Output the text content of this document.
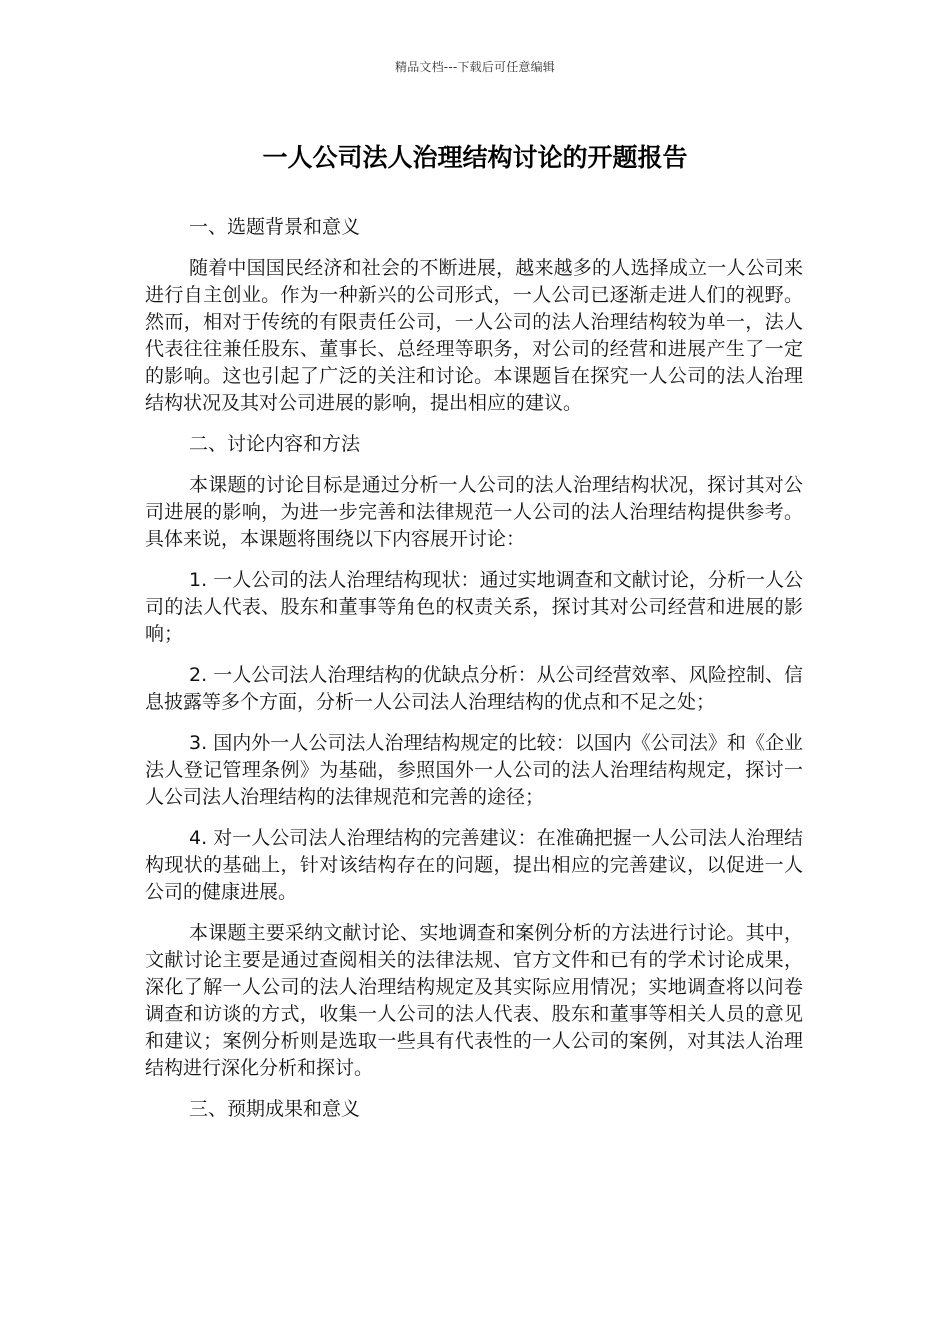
精品文档---下载后可任意编辑
一人公司法人治理结构讨论的开题报告

一、选题背景和意义

随着中国国民经济和社会的不断进展，越来越多的人选择成立一人公司来进行自主创业。作为一种新兴的公司形式，一人公司已逐渐走进人们的视野。然而，相对于传统的有限责任公司，一人公司的法人治理结构较为单一，法人代表往往兼任股东、董事长、总经理等职务，对公司的经营和进展产生了一定的影响。这也引起了广泛的关注和讨论。本课题旨在探究一人公司的法人治理结构状况及其对公司进展的影响，提出相应的建议。

二、讨论内容和方法

本课题的讨论目标是通过分析一人公司的法人治理结构状况，探讨其对公司进展的影响，为进一步完善和法律规范一人公司的法人治理结构提供参考。具体来说，本课题将围绕以下内容展开讨论：

1. 一人公司的法人治理结构现状：通过实地调查和文献讨论，分析一人公司的法人代表、股东和董事等角色的权责关系，探讨其对公司经营和进展的影响；

2. 一人公司法人治理结构的优缺点分析：从公司经营效率、风险控制、信息披露等多个方面，分析一人公司法人治理结构的优点和不足之处；

3. 国内外一人公司法人治理结构规定的比较：以国内《公司法》和《企业法人登记管理条例》为基础，参照国外一人公司的法人治理结构规定，探讨一人公司法人治理结构的法律规范和完善的途径；

4. 对一人公司法人治理结构的完善建议：在准确把握一人公司法人治理结构现状的基础上，针对该结构存在的问题，提出相应的完善建议，以促进一人公司的健康进展。

本课题主要采纳文献讨论、实地调查和案例分析的方法进行讨论。其中，文献讨论主要是通过查阅相关的法律法规、官方文件和已有的学术讨论成果，深化了解一人公司的法人治理结构规定及其实际应用情况；实地调查将以问卷调查和访谈的方式，收集一人公司的法人代表、股东和董事等相关人员的意见和建议；案例分析则是选取一些具有代表性的一人公司的案例，对其法人治理结构进行深化分析和探讨。

三、预期成果和意义
